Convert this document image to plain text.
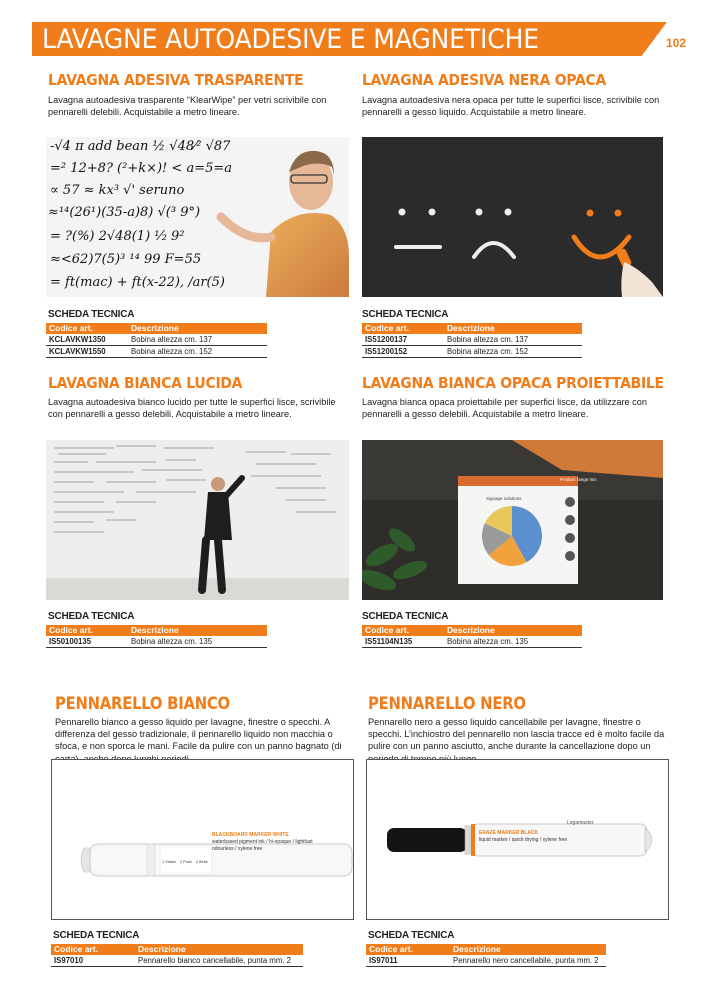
LAVAGNE AUTOADESIVE E MAGNETICHE	102
LAVAGNA ADESIVA TRASPARENTE
Lavagna autoadesiva trasparente “KlearWipe” per vetri scrivibile con pennarelli delebili. Acquistabile a metro lineare.
-√4 π add bean ½ √48⁄² √87
=² 12+8? (²+k×)! < a=5=a
∝ 57 ≈ kx³ √' seruno
≈¹⁴(26¹)(35-a)8) √(³ 9°)
= ?(%) 2√48(1) ¹⁄₂ 9²
≈<62)7(5)³ ¹⁴ 99 F=55
= ft(mac) + ft(x-22), /ar(5)
SCHEDA TECNICA
Codice art.	Descrizione
KCLAVKW1350	Bobina altezza cm. 137
KCLAVKW1550	Bobina altezza cm. 152
LAVAGNA ADESIVA NERA OPACA
Lavagna autoadesiva nera opaca per tutte le superfici lisce, scrivibile con pennarelli a gesso liquido. Acquistabile a metro lineare.
SCHEDA TECNICA
Codice art.	Descrizione
IS51200137	Bobina altezza cm. 137
IS51200152	Bobina altezza cm. 152
LAVAGNA BIANCA LUCIDA
Lavagna autoadesiva bianco lucido per tutte le superfici lisce, scrivibile con pennarelli a gesso delebili. Acquistabile a metro lineare.
SCHEDA TECNICA
Codice art.	Descrizione
IS50100135	Bobina altezza cm. 135
LAVAGNA BIANCA OPACA PROIETTABILE
Lavagna bianca opaca proiettabile per superfici lisce, da utilizzare con pennarelli a gesso delebili. Acquistabile a metro lineare.
Product range mix
Signage solutions
SCHEDA TECNICA
Codice art.	Descrizione
IS51104N135	Bobina altezza cm. 135
PENNARELLO BIANCO
Pennarello bianco a gesso liquido per lavagne, finestre o specchi. A differenza del gesso tradizionale, il pennarello liquido non macchia o sfoca, e non sporca le mani. Facile da pulire con un panno bagnato (di
BLACKBOARD MARKER WHITE
waterbased pigment ink / hi-opaque / lightfast
odourless / xylene free
1 Shake 2 Push 3 Write
SCHEDA TECNICA
Codice art.	Descrizione
IS97010	Pennarello bianco cancellabile, punta mm. 2
PENNARELLO NERO
Pennarello nero a gesso liquido cancellabile per lavagne, finestre o specchi. L’inchiostro del pennarello non lascia tracce ed è molto facile da pulire con un panno asciutto, anche durante la cancellazione dopo un
ERAZE MARKER BLACK
liquid marker / quick drying / xylene free
Legamaster
SCHEDA TECNICA
Codice art.	Descrizione
IS97011	Pennarello nero cancellabile, punta mm. 2
